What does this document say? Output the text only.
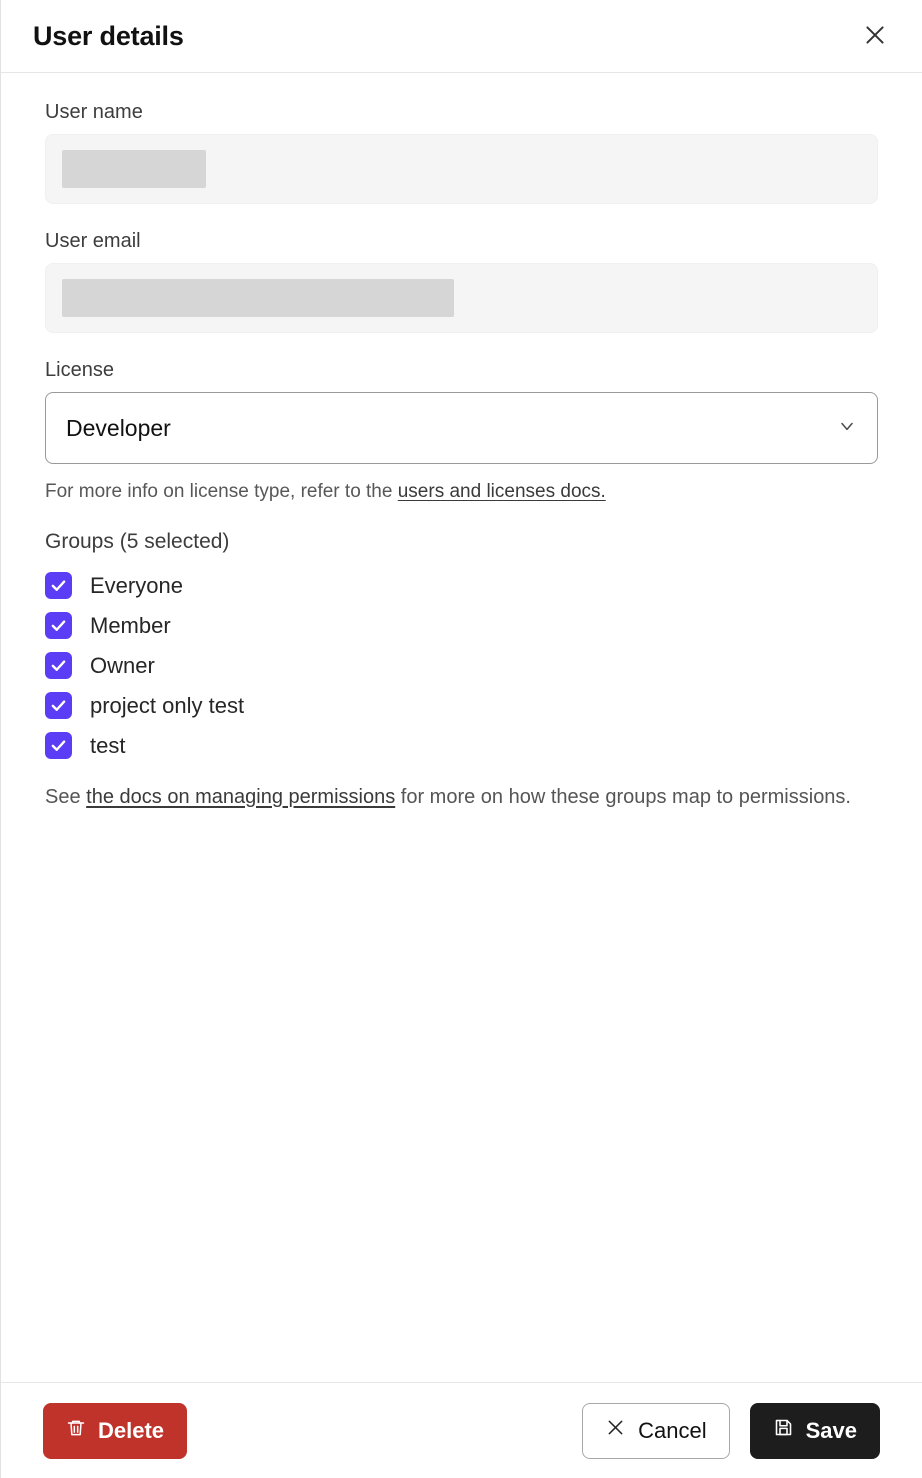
User details
User name
User email
License
Developer
For more info on license type, refer to the users and licenses docs.
Groups (5 selected)
Everyone
Member
Owner
project only test
test
See the docs on managing permissions for more on how these groups map to permissions.
Delete	Cancel	Save
